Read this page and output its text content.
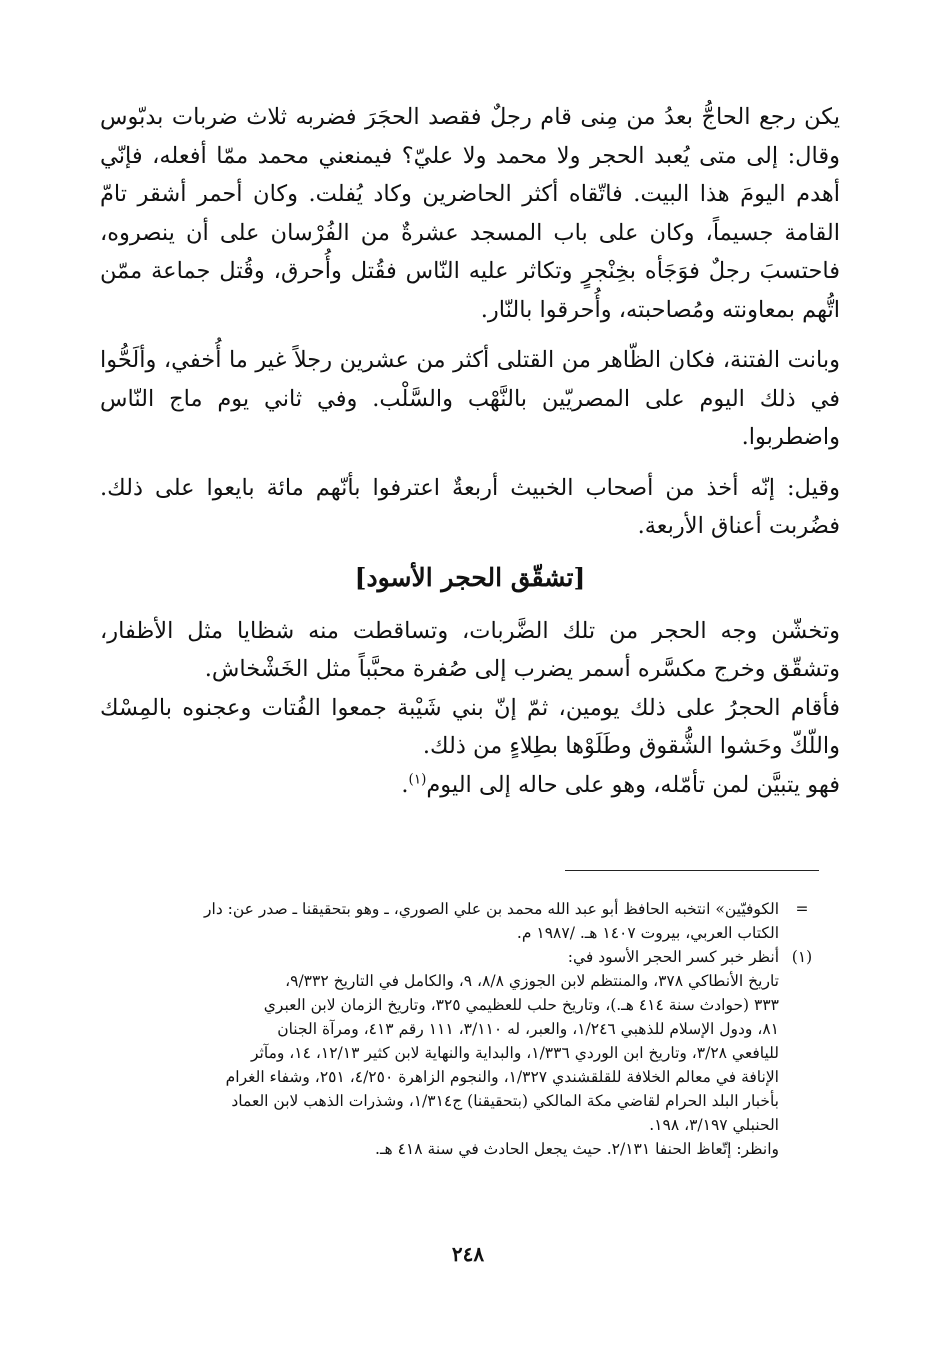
يكن رجع الحاجُّ بعدُ من مِنى قام رجلٌ فقصد الحجَرَ فضربه ثلاث ضربات بدبّوس وقال: إلى متى يُعبد الحجر ولا محمد ولا عليّ؟ فيمنعني محمد ممّا أفعله، فإنّي أهدم اليومَ هذا البيت. فاتّقاه أكثر الحاضرين وكاد يُفلت. وكان أحمر أشقر تامّ القامة جسيماً، وكان على باب المسجد عشرةٌ من الفُرْسان على أن ينصروه، فاحتسبَ رجلٌ فوَجَأه بخِنْجرٍ وتكاثر عليه النّاس فقُتل وأُحرق، وقُتل جماعة ممّن اتُّهم بمعاونته ومُصاحبته، وأُحرقوا بالنّار.

وبانت الفتنة، فكان الظّاهر من القتلى أكثر من عشرين رجلاً غير ما أُخفي، وألَحُّوا في ذلك اليوم على المصريّين بالنَّهْب والسَّلْب. وفي ثاني يوم ماج النّاس واضطربوا.

وقيل: إنّه أخذ من أصحاب الخبيث أربعةٌ اعترفوا بأنّهم مائة بايعوا على ذلك. فضُربت أعناق الأربعة.

[تشقّق الحجر الأسود]

وتخشّن وجه الحجر من تلك الضَّربات، وتساقطت منه شظايا مثل الأظفار، وتشقّق وخرج مكسَّره أسمر يضرب إلى صُفرة محبَّباً مثل الخَشْخاش.

فأقام الحجرُ على ذلك يومين، ثمّ إنّ بني شَيْبة جمعوا الفُتات وعجنوه بالمِسْك واللّكّ وحَشوا الشُّقوق وطَلَوْها بطِلاءٍ من ذلك.

فهو يتبيَّن لمن تأمّله، وهو على حاله إلى اليوم$^{(١)}$.

=
الكوفيّين» انتخبه الحافظ أبو عبد الله محمد بن علي الصوري، ـ وهو بتحقيقنا ـ صدر عن: دار
الكتاب العربي، بيروت ١٤٠٧ هـ. /١٩٨٧ م.
(١)
أنظر خبر كسر الحجر الأسود في:
تاريخ الأنطاكي ٣٧٨، والمنتظم لابن الجوزي ٨/٨، ٩، والكامل في التاريخ ٩/٣٣٢،
٣٣٣ (حوادث سنة ٤١٤ هـ.)، وتاريخ حلب للعظيمي ٣٢٥، وتاريخ الزمان لابن العبري
٨١، ودول الإسلام للذهبي ١/٢٤٦، والعبر، له ٣/١١٠، ١١١ رقم ٤١٣، ومرآة الجنان
لليافعي ٣/٢٨، وتاريخ ابن الوردي ١/٣٣٦، والبداية والنهاية لابن كثير ١٢/١٣، ١٤، ومآثر
الإنافة في معالم الخلافة للقلقشندي ١/٣٢٧، والنجوم الزاهرة ٤/٢٥٠، ٢٥١، وشفاء الغرام
بأخبار البلد الحرام لقاضي مكة المالكي (بتحقيقنا) ج١/٣١٤، وشذرات الذهب لابن العماد
الحنبلي ٣/١٩٧، ١٩٨.
وانظر: إتّعاظ الحنفا ٢/١٣١. حيث يجعل الحادث في سنة ٤١٨ هـ.
٢٤٨
